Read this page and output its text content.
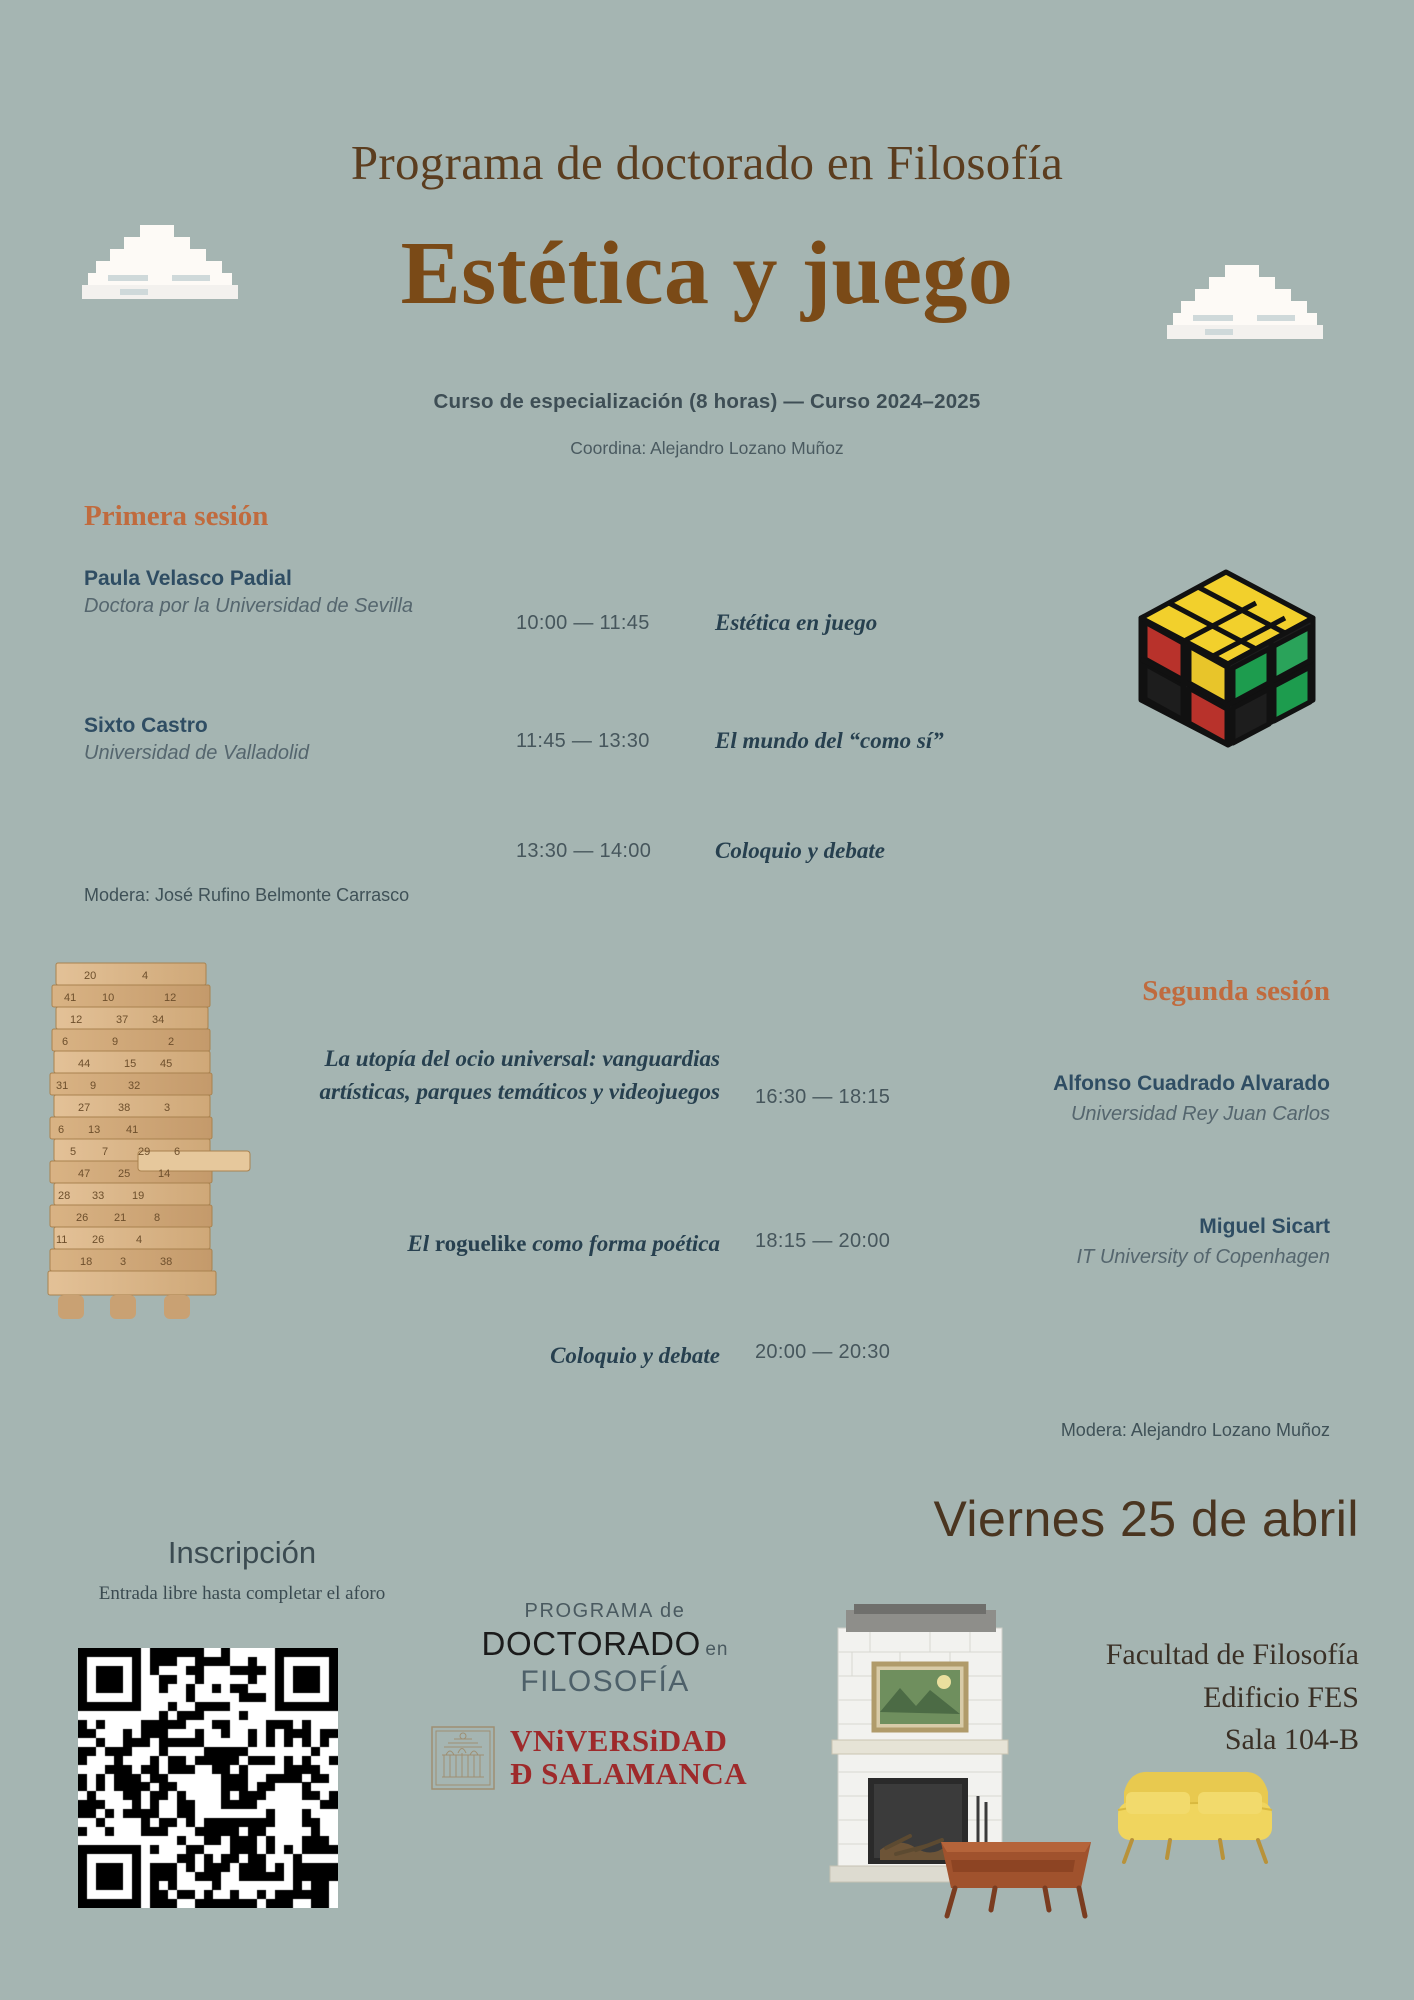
Programa de doctorado en Filosofía
Estética y juego
Curso de especialización (8 horas) — Curso 2024–2025
Coordina: Alejandro Lozano Muñoz
Primera sesión
Paula Velasco Padial
Doctora por la Universidad de Sevilla
10:00 — 11:45	Estética en juego
Sixto Castro
Universidad de Valladolid
11:45 — 13:30	El mundo del “como sí”
13:30 — 14:00	Coloquio y debate
Modera: José Rufino Belmonte Carrasco
20	4
41 10	12
12	37 34
6	9	2
44	15 45
31 9	32
27	38	3
6 13 41
5 7	29 6
47	25	14
28 33	19
26 21	8
11 26	4
18	3	38
Segunda sesión
La utopía del ocio universal: vanguardias artísticas, parques temáticos y videojuegos 16:30 — 18:15
Alfonso Cuadrado Alvarado
Universidad Rey Juan Carlos
El roguelike como forma poética 18:15 — 20:00
Miguel Sicart
IT University of Copenhagen
Coloquio y debate 20:00 — 20:30
Modera: Alejandro Lozano Muñoz
Inscripción
Entrada libre hasta completar el aforo
PROGRAMA de
DOCTORADO en
FILOSOFÍA
VNiVERSiDAD
Ð SALAMANCA
Viernes 25 de abril
Facultad de Filosofía
Edificio FES
Sala 104-B
